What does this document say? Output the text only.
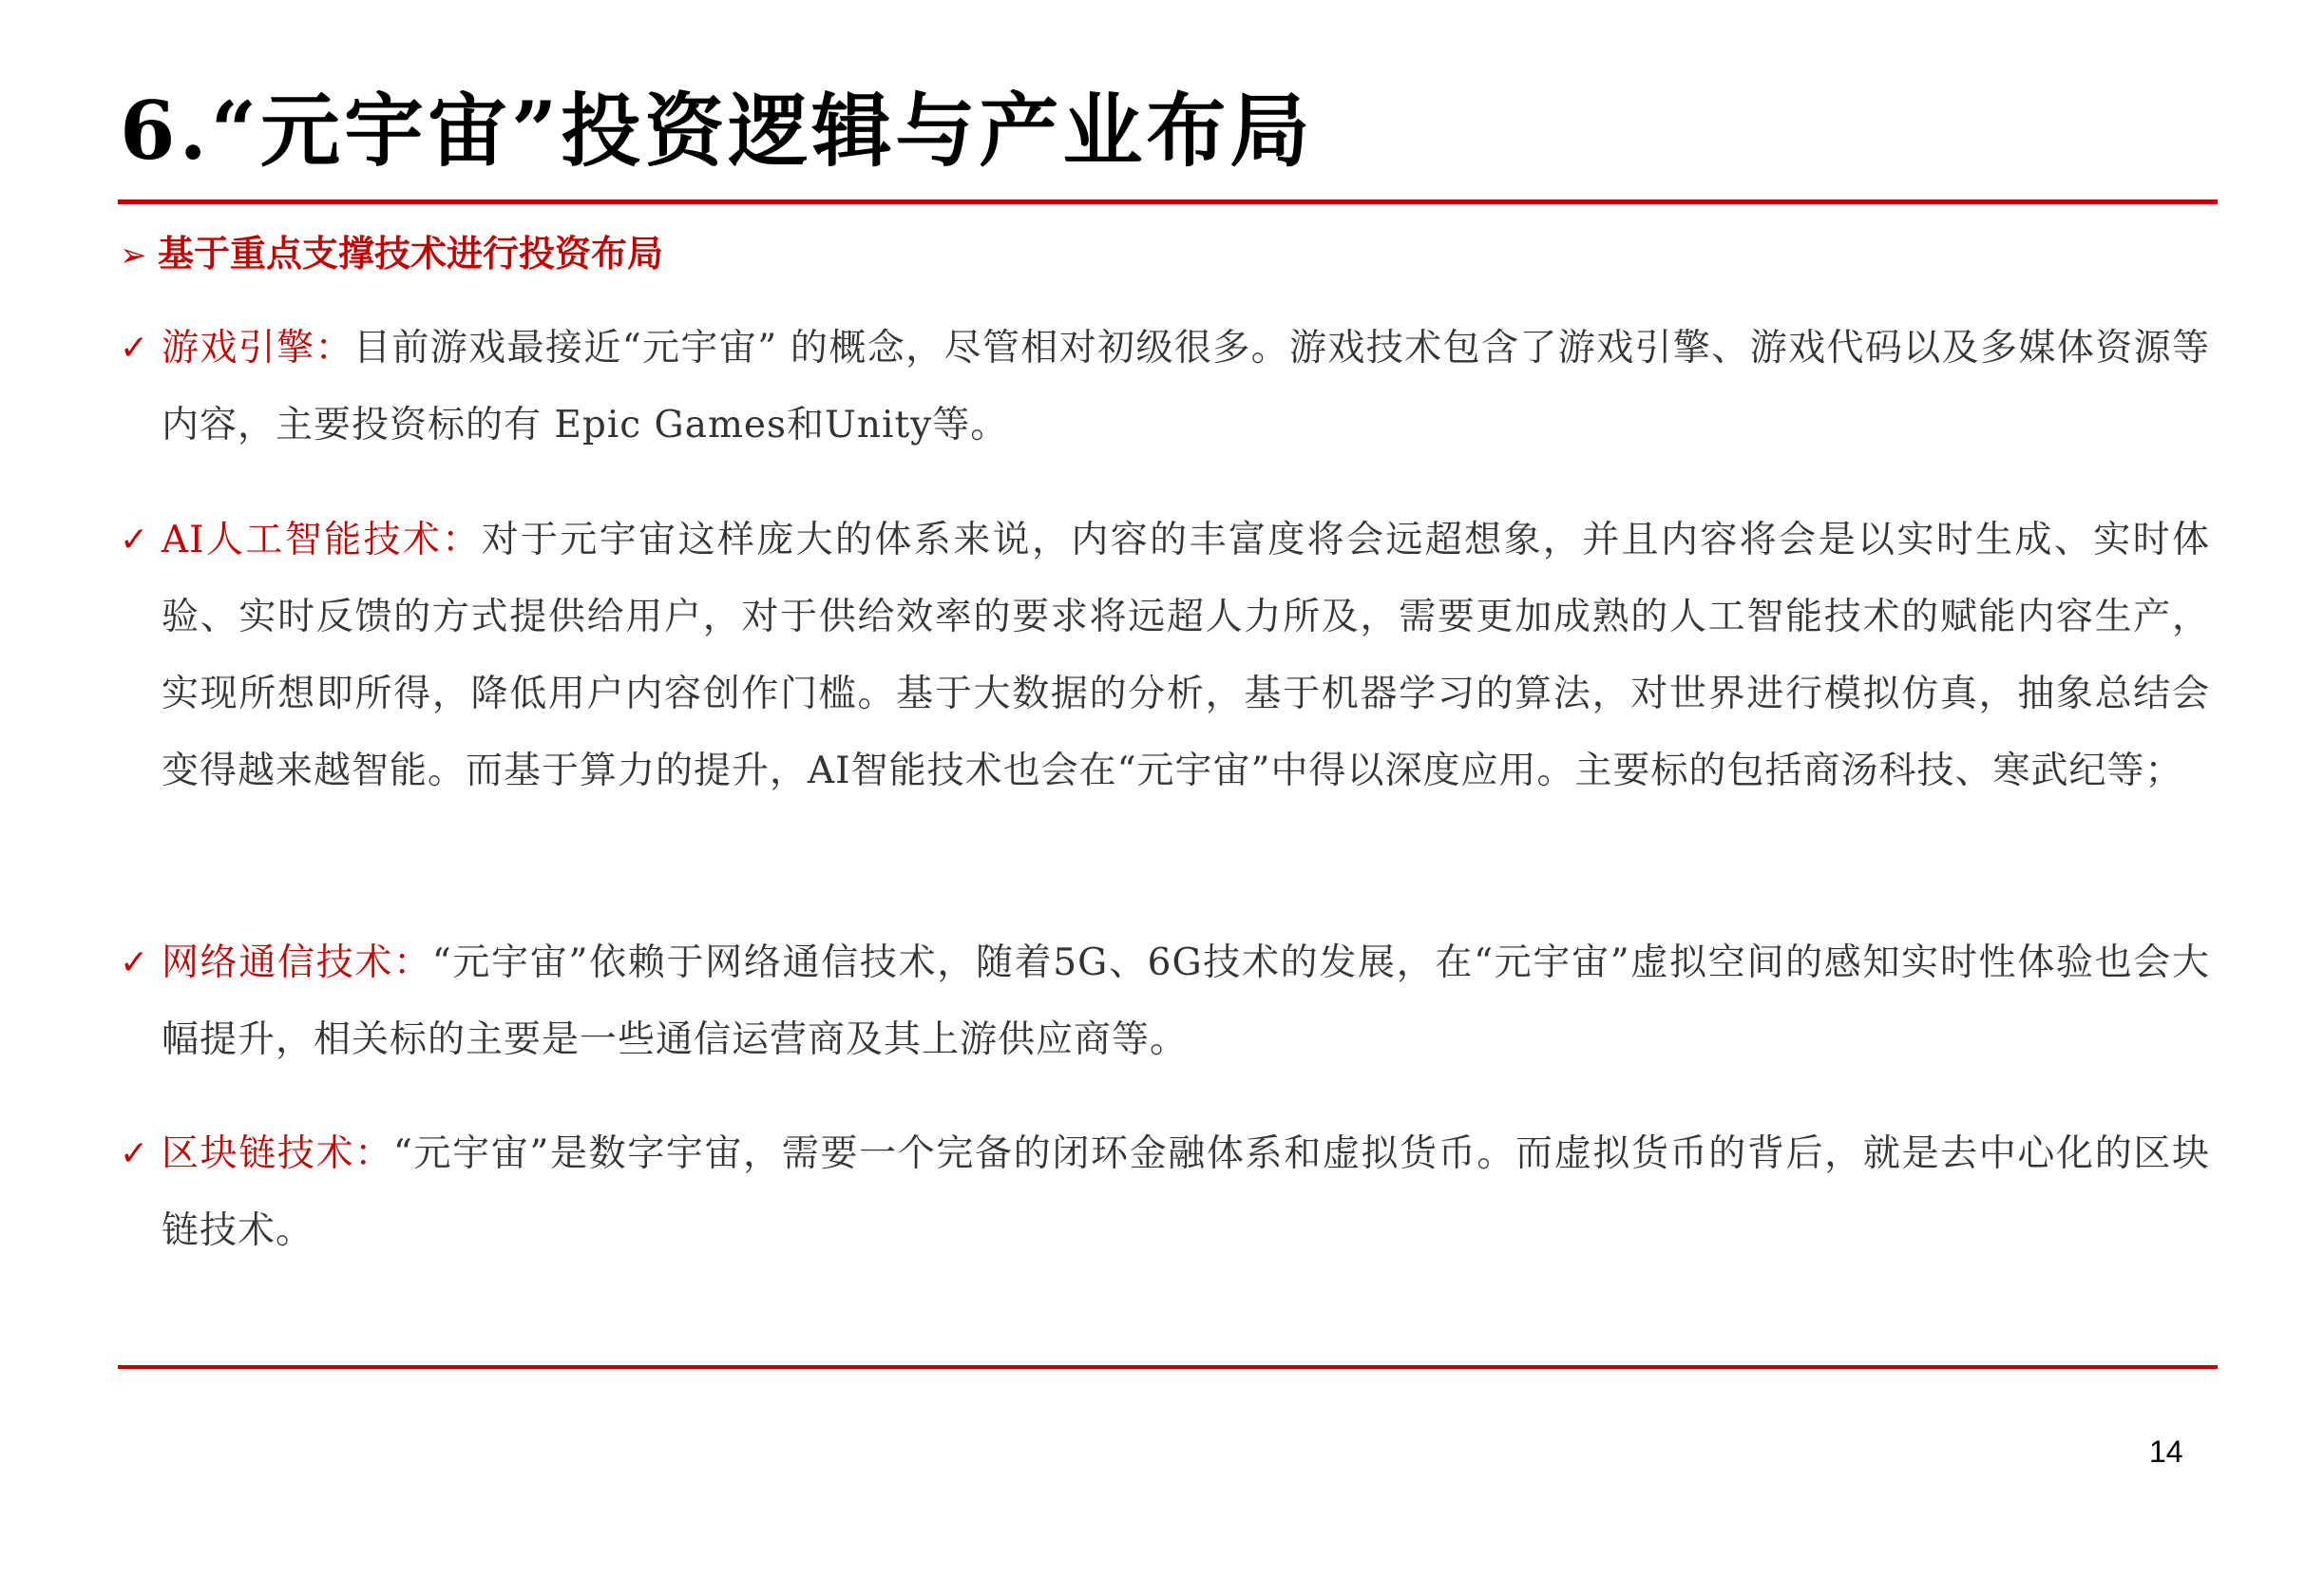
6.“元宇宙”投资逻辑与产业布局
➢ 基于重点支撑技术进行投资布局
✓ 游戏引擎：目前游戏最接近“元宇宙” 的概念，尽管相对初级很多。游戏技术包含了游戏引擎、游戏代码以及多媒体资源等内容，主要投资标的有 Epic Games和Unity等。
✓ AI人工智能技术：对于元宇宙这样庞大的体系来说，内容的丰富度将会远超想象，并且内容将会是以实时生成、实时体验、实时反馈的方式提供给用户，对于供给效率的要求将远超人力所及，需要更加成熟的人工智能技术的赋能内容生产，实现所想即所得，降低用户内容创作门槛。基于大数据的分析，基于机器学习的算法，对世界进行模拟仿真，抽象总结会变得越来越智能。而基于算力的提升，AI智能技术也会在“元宇宙”中得以深度应用。主要标的包括商汤科技、寒武纪等；
✓ 网络通信技术：“元宇宙”依赖于网络通信技术，随着5G、6G技术的发展，在“元宇宙”虚拟空间的感知实时性体验也会大幅提升，相关标的主要是一些通信运营商及其上游供应商等。
✓ 区块链技术：“元宇宙”是数字宇宙，需要一个完备的闭环金融体系和虚拟货币。而虚拟货币的背后，就是去中心化的区块链技术。
14
